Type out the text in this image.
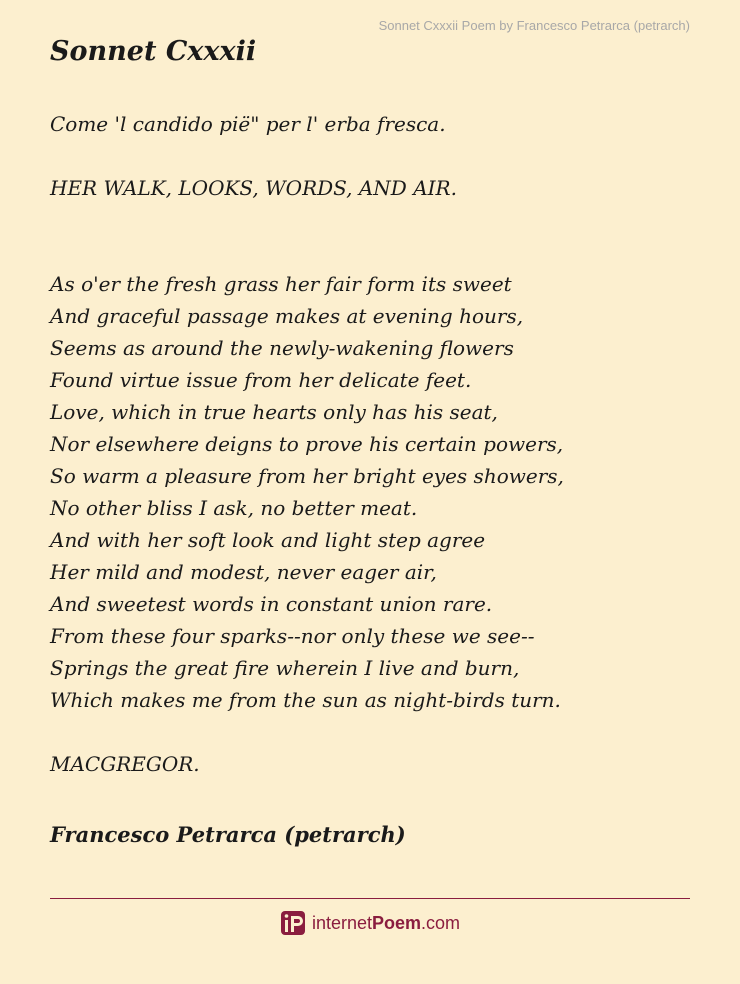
Sonnet Cxxxii Poem by Francesco Petrarca (petrarch)
Sonnet Cxxxii
Come 'l candido pië" per l' erba fresca.
HER WALK, LOOKS, WORDS, AND AIR.
As o'er the fresh grass her fair form its sweet
And graceful passage makes at evening hours,
Seems as around the newly-wakening flowers
Found virtue issue from her delicate feet.
Love, which in true hearts only has his seat,
Nor elsewhere deigns to prove his certain powers,
So warm a pleasure from her bright eyes showers,
No other bliss I ask, no better meat.
And with her soft look and light step agree
Her mild and modest, never eager air,
And sweetest words in constant union rare.
From these four sparks--nor only these we see--
Springs the great fire wherein I live and burn,
Which makes me from the sun as night-birds turn.
MACGREGOR.
Francesco Petrarca (petrarch)
internet Poem .com
